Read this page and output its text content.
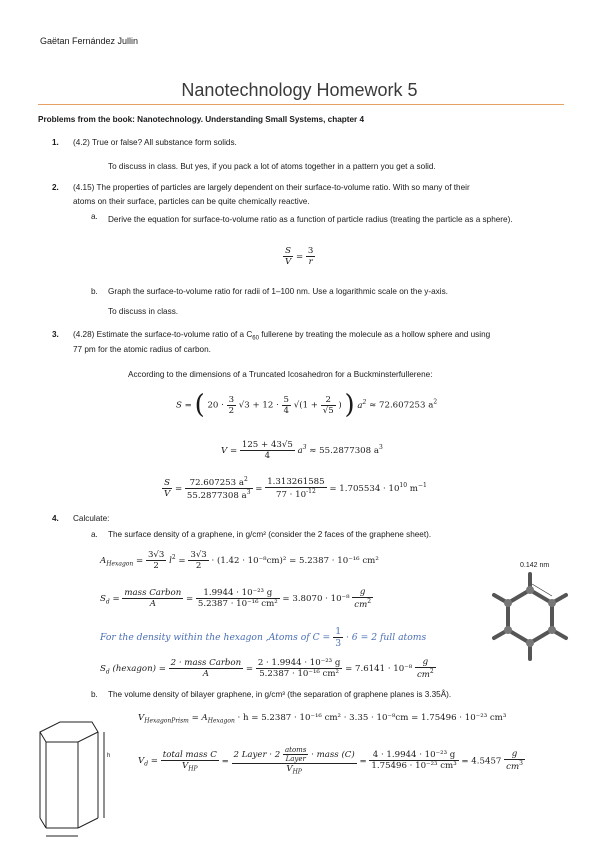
Gaëtan Fernández Jullin
Nanotechnology Homework 5
Problems from the book: Nanotechnology. Understanding Small Systems, chapter 4
1. (4.2) True or false? All substance form solids.
To discuss in class. But yes, if you pack a lot of atoms together in a pattern you get a solid.
2. (4.15) The properties of particles are largely dependent on their surface-to-volume ratio. With so many of their
atoms on their surface, particles can be quite chemically reactive.
a. Derive the equation for surface-to-volume ratio as a function of particle radius (treating the particle as a sphere).
$\frac{S}{V} = \frac{3}{r}$
b. Graph the surface-to-volume ratio for radii of 1–100 nm. Use a logarithmic scale on the y-axis.
To discuss in class.
3. (4.28) Estimate the surface-to-volume ratio of a $C_{60}$ fullerene by treating the molecule as a hollow sphere and using
77 pm for the atomic radius of carbon.
According to the dimensions of a Truncated Icosahedron for a Buckminsterfullerene:
S = ( $20 \cdot \frac{3}{2} √3 + 12 \cdot \frac{5}{4} √(1 + \frac{2}{√5}$ ) ) $a^2 \approx 72.607253$ $a^2$
$V = \frac{125 + 43√5}{4} a^3 \approx 55.2877308$ $a^3$
$\frac{S}{V} = \frac{72.607253 a^2}{55.2877308 a^3} = \frac{1.313261585}{77 \cdot 10^{-12}} = 1.705534 \cdot 10^{10}$ $m^{-1}$
4. Calculate:
a. The surface density of a graphene, in g/cm² (consider the 2 faces of the graphene sheet).
$A_{Hexagon} = \frac{3√3}{2} l^2 = \frac{3√3}{2} \cdot (1.42 \cdot 10^{-8}cm)^2 = 5.2387 \cdot 10^{-16}$ cm²
$S_d = \frac{\text{mass Carbon}}{A} = \frac{\text{1.9944 · 10⁻²³ g}}{\text{5.2387 · 10⁻¹⁶ cm²}} = 3.8070 \cdot 10^{-8} \frac{g}{cm^2}$
For the density within the hexagon ,Atoms of $C = \frac{1}{3} \cdot 6 = 2$ full atoms
$S_d$ (hexagon) = $\frac{\text{2 · mass Carbon}}{A} = \frac{\text{2 · 1.9944 · 10⁻²³ g}}{\text{5.2387 · 10⁻¹⁶ cm²}} = 7.6141 \cdot 10^{-8} \frac{g}{cm^2}$
0.142 nm
b. The volume density of bilayer graphene, in g/cm³ (the separation of graphene planes is 3.35Å).
$V_{HexagonPrism} = A_{Hexagon} \cdot h = 5.2387 \cdot 10^{-16}$ cm² · 3.35 · 10⁻⁸cm = 1.75496 · 10⁻²³ cm³
$V_d = \frac{\text{total mass C}}{V_{HP}} = \frac{2 Layer \cdot 2 \frac{\text{atoms}}{\text{Layer}} \cdot mass (C)}{V_{HP}} = \frac{\text{4 · 1.9944 · 10⁻²³ g}}{\text{1.75496 · 10⁻²³ cm³}} = 4.5457 \frac{g}{cm^3}$
h
